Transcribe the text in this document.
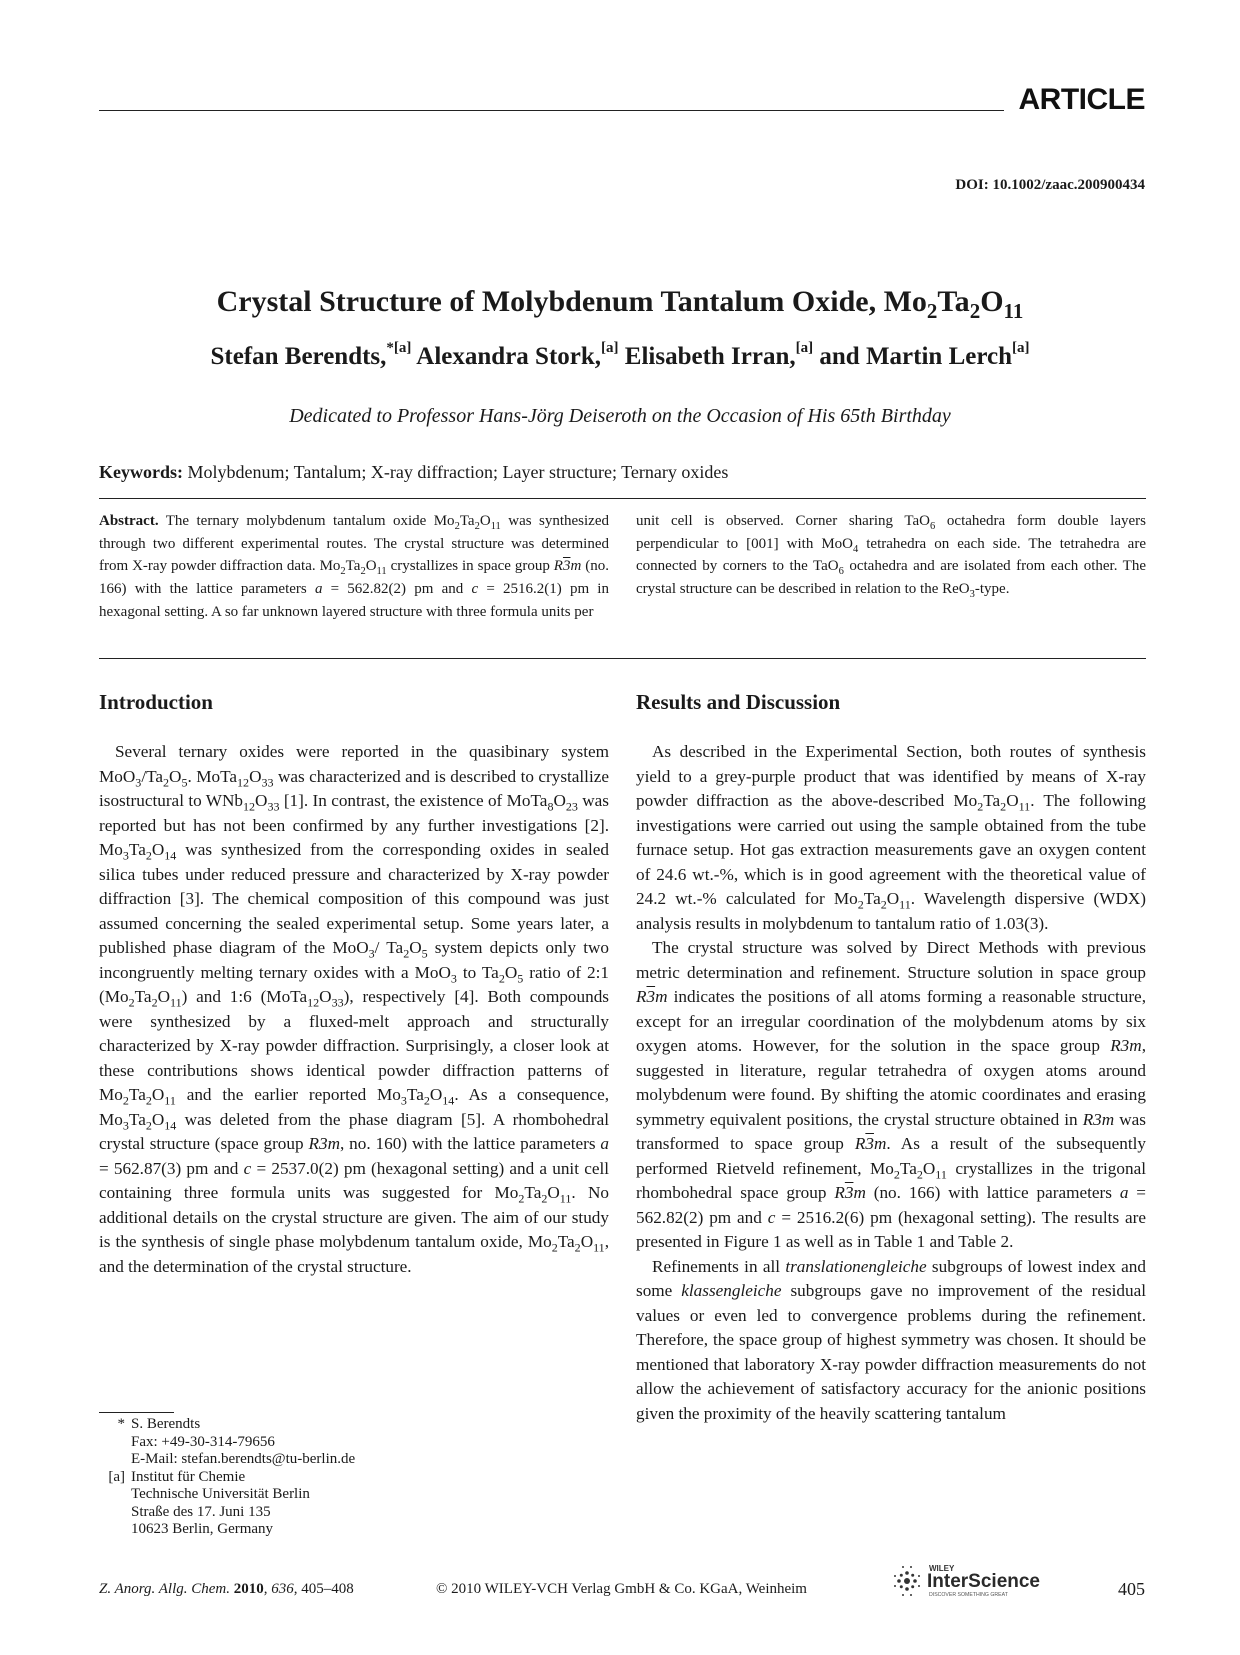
ARTICLE
DOI: 10.1002/zaac.200900434
Crystal Structure of Molybdenum Tantalum Oxide, $Mo_2Ta_2O_{11}$
Stefan Berendts,$^{*[a]}$ Alexandra Stork,[a] Elisabeth Irran,[a] and Martin Lerch[a]
Dedicated to Professor Hans-Jörg Deiseroth on the Occasion of His 65th Birthday
Keywords: Molybdenum; Tantalum; X-ray diffraction; Layer structure; Ternary oxides
Abstract. The ternary molybdenum tantalum oxide $Mo_2Ta_2O_{11}$ was synthesized through two different experimental routes. The crystal structure was determined from X-ray powder diffraction data. $Mo_2Ta_2O_{11}$ crystallizes in space group R3m (no. 166) with the lattice parameters a = 562.82(2) pm and c = 2516.2(1) pm in hexagonal setting. A so far unknown layered structure with three formula units per
unit cell is observed. Corner sharing TaO$_6$ octahedra form double layers perpendicular to [001] with MoO$_4$ tetrahedra on each side. The tetrahedra are connected by corners to the TaO$_6$ octahedra and are isolated from each other. The crystal structure can be described in relation to the ReO$_3$-type.
Introduction	Results and Discussion

Several ternary oxides were reported in the quasibinary system $MoO_3/Ta_2O_5$. $MoTa_{12}O_{33}$ was characterized and is described to crystallize isostructural to $WNb_{12}O_{33}$ [1]. In contrast, the existence of $MoTa_8O_{23}$ was reported but has not been confirmed by any further investigations [2]. $Mo_3Ta_2O_{14}$ was synthesized from the corresponding oxides in sealed silica tubes under reduced pressure and characterized by X-ray powder diffraction [3]. The chemical composition of this compound was just assumed concerning the sealed experimental setup. Some years later, a published phase diagram of the MoO$_3$/ $Ta_2O_5$ system depicts only two incongruently melting ternary oxides with a MoO$_3$ to $Ta_2O_5$ ratio of 2:1 $(Mo_2Ta_2O_{11})$ and 1:6 $(MoTa_{12}O_{33})$, respectively [4]. Both compounds were synthesized by a fluxed-melt approach and structurally characterized by X-ray powder diffraction. Surprisingly, a closer look at these contributions shows identical powder diffraction patterns of $Mo_2Ta_2O_{11}$ and the earlier reported $Mo_3Ta_2O_{14}$. As a consequence, $Mo_3Ta_2O_{14}$ was deleted from the phase diagram [5]. A rhombohedral crystal structure (space group R3m, no. 160) with the lattice parameters a = 562.87(3) pm and c = 2537.0(2) pm (hexagonal setting) and a unit cell containing three formula units was suggested for $Mo_2Ta_2O_{11}$. No additional details on the crystal structure are given. The aim of our study is the synthesis of single phase molybdenum tantalum oxide, $Mo_2Ta_2O_{11}$, and the determination of the crystal structure.

As described in the Experimental Section, both routes of synthesis yield to a grey-purple product that was identified by means of X-ray powder diffraction as the above-described $Mo_2Ta_2O_{11}$. The following investigations were carried out using the sample obtained from the tube furnace setup. Hot gas extraction measurements gave an oxygen content of 24.6 wt.-%, which is in good agreement with the theoretical value of 24.2 wt.-% calculated for $Mo_2Ta_2O_{11}$. Wavelength dispersive (WDX) analysis results in molybdenum to tantalum ratio of 1.03(3).

The crystal structure was solved by Direct Methods with previous metric determination and refinement. Structure solution in space group R3m indicates the positions of all atoms forming a reasonable structure, except for an irregular coordination of the molybdenum atoms by six oxygen atoms. However, for the solution in the space group R3m, suggested in literature, regular tetrahedra of oxygen atoms around molybdenum were found. By shifting the atomic coordinates and erasing symmetry equivalent positions, the crystal structure obtained in R3m was transformed to space group R3m. As a result of the subsequently performed Rietveld refinement, $Mo_2Ta_2O_{11}$ crystallizes in the trigonal rhombohedral space group R3m (no. 166) with lattice parameters a = 562.82(2) pm and c = 2516.2(6) pm (hexagonal setting). The results are presented in Figure 1 as well as in Table 1 and Table 2.

Refinements in all translationengleiche subgroups of lowest index and some klassengleiche subgroups gave no improvement of the residual values or even led to convergence problems during the refinement. Therefore, the space group of highest symmetry was chosen. It should be mentioned that laboratory X-ray powder diffraction measurements do not allow the achievement of satisfactory accuracy for the anionic positions given the proximity of the heavily scattering tantalum

* S. Berendts
Fax: +49-30-314-79656
E-Mail: stefan.berendts@tu-berlin.de
[a] Institut für Chemie
Technische Universität Berlin
Straße des 17. Juni 135
10623 Berlin, Germany
Z. Anorg. Allg. Chem. 2010, 636, 405–408	© 2010 WILEY-VCH Verlag GmbH & Co. KGaA, Weinheim
WILEY
InterScience
DISCOVER SOMETHING GREAT	405
